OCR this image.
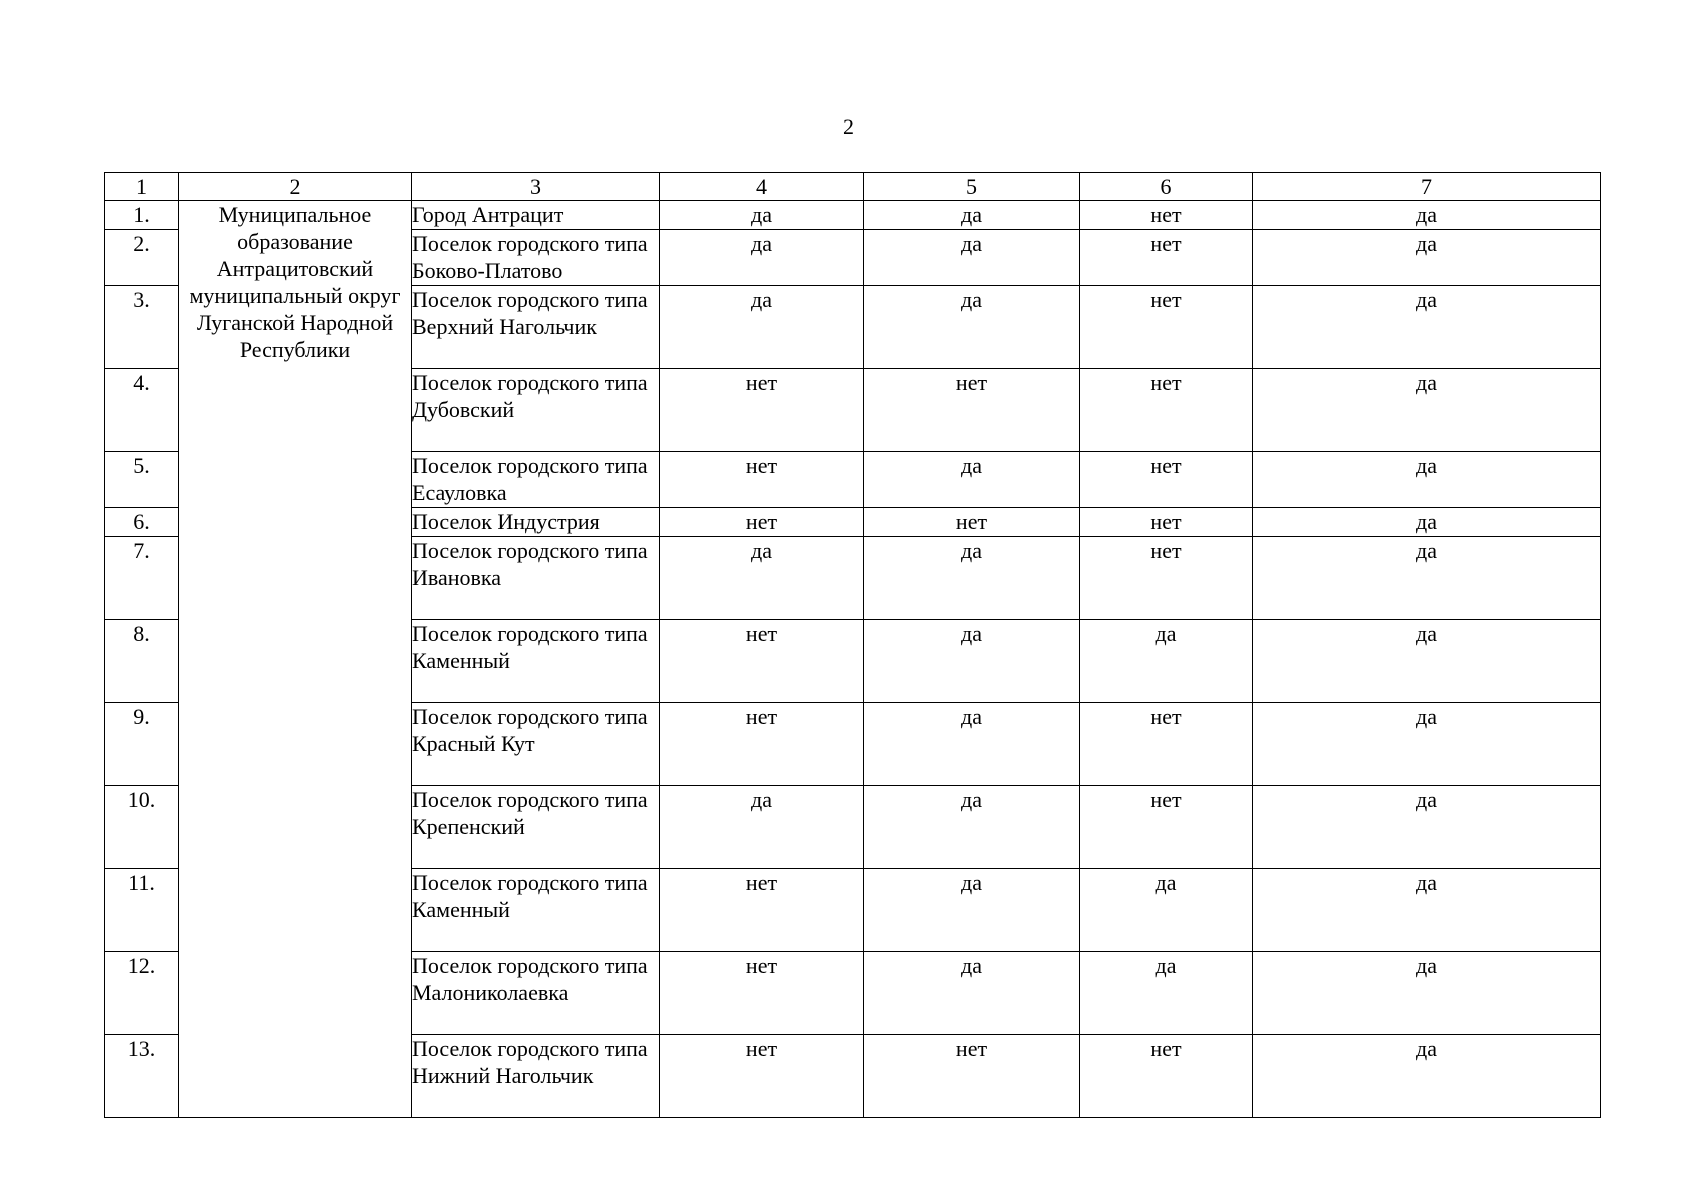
2
1	2	3	4	5	6	7
1.	Муниципальное образование Антрацитовский муниципальный округ Луганской Народной Республики	Город Антрацит	да	да	нет	да
2.		Поселок городского типа Боково-Платово	да	да	нет	да
3.		Поселок городского типа Верхний Нагольчик	да	да	нет	да
4.		Поселок городского типа Дубовский	нет	нет	нет	да
5.		Поселок городского типа Есауловка	нет	да	нет	да
6.		Поселок Индустрия	нет	нет	нет	да
7.		Поселок городского типа Ивановка	да	да	нет	да
8.		Поселок городского типа Каменный	нет	да	да	да
9.		Поселок городского типа Красный Кут	нет	да	нет	да
10.		Поселок городского типа Крепенский	да	да	нет	да
11.		Поселок городского типа Каменный	нет	да	да	да
12.		Поселок городского типа Малониколаевка	нет	да	да	да
13.		Поселок городского типа Нижний Нагольчик	нет	нет	нет	да
